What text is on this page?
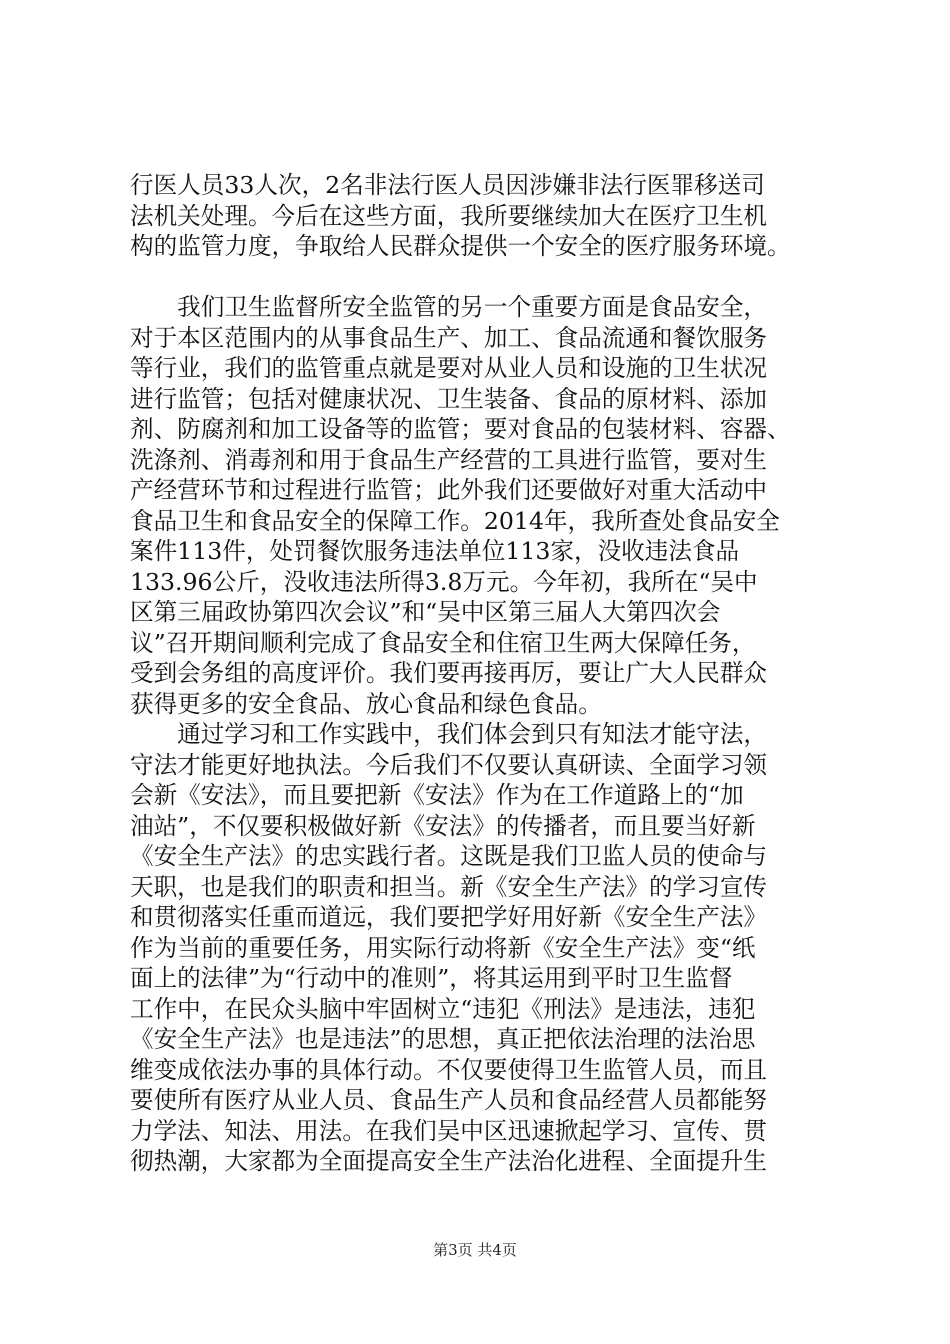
行医人员33人次，2名非法行医人员因涉嫌非法行医罪移送司
法机关处理。今后在这些方面，我所要继续加大在医疗卫生机
构的监管力度，争取给人民群众提供一个安全的医疗服务环境。
　　我们卫生监督所安全监管的另一个重要方面是食品安全，
对于本区范围内的从事食品生产、加工、食品流通和餐饮服务
等行业，我们的监管重点就是要对从业人员和设施的卫生状况
进行监管；包括对健康状况、卫生装备、食品的原材料、添加
剂、防腐剂和加工设备等的监管；要对食品的包装材料、容器、
洗涤剂、消毒剂和用于食品生产经营的工具进行监管，要对生
产经营环节和过程进行监管；此外我们还要做好对重大活动中
食品卫生和食品安全的保障工作。2014年，我所查处食品安全
案件113件，处罚餐饮服务违法单位113家，没收违法食品
133.96公斤，没收违法所得3.8万元。今年初，我所在“吴中
区第三届政协第四次会议”和“吴中区第三届人大第四次会
议”召开期间顺利完成了食品安全和住宿卫生两大保障任务，
受到会务组的高度评价。我们要再接再厉，要让广大人民群众
获得更多的安全食品、放心食品和绿色食品。
　　通过学习和工作实践中，我们体会到只有知法才能守法，
守法才能更好地执法。今后我们不仅要认真研读、全面学习领
会新《安法》，而且要把新《安法》作为在工作道路上的“加
油站”，不仅要积极做好新《安法》的传播者，而且要当好新
《安全生产法》的忠实践行者。这既是我们卫监人员的使命与
天职，也是我们的职责和担当。新《安全生产法》的学习宣传
和贯彻落实任重而道远，我们要把学好用好新《安全生产法》
作为当前的重要任务，用实际行动将新《安全生产法》变“纸
面上的法律”为“行动中的准则”，将其运用到平时卫生监督
工作中，在民众头脑中牢固树立“违犯《刑法》是违法，违犯
《安全生产法》也是违法”的思想，真正把依法治理的法治思
维变成依法办事的具体行动。不仅要使得卫生监管人员，而且
要使所有医疗从业人员、食品生产人员和食品经营人员都能努
力学法、知法、用法。在我们吴中区迅速掀起学习、宣传、贯
彻热潮，大家都为全面提高安全生产法治化进程、全面提升生
第3页 共4页
